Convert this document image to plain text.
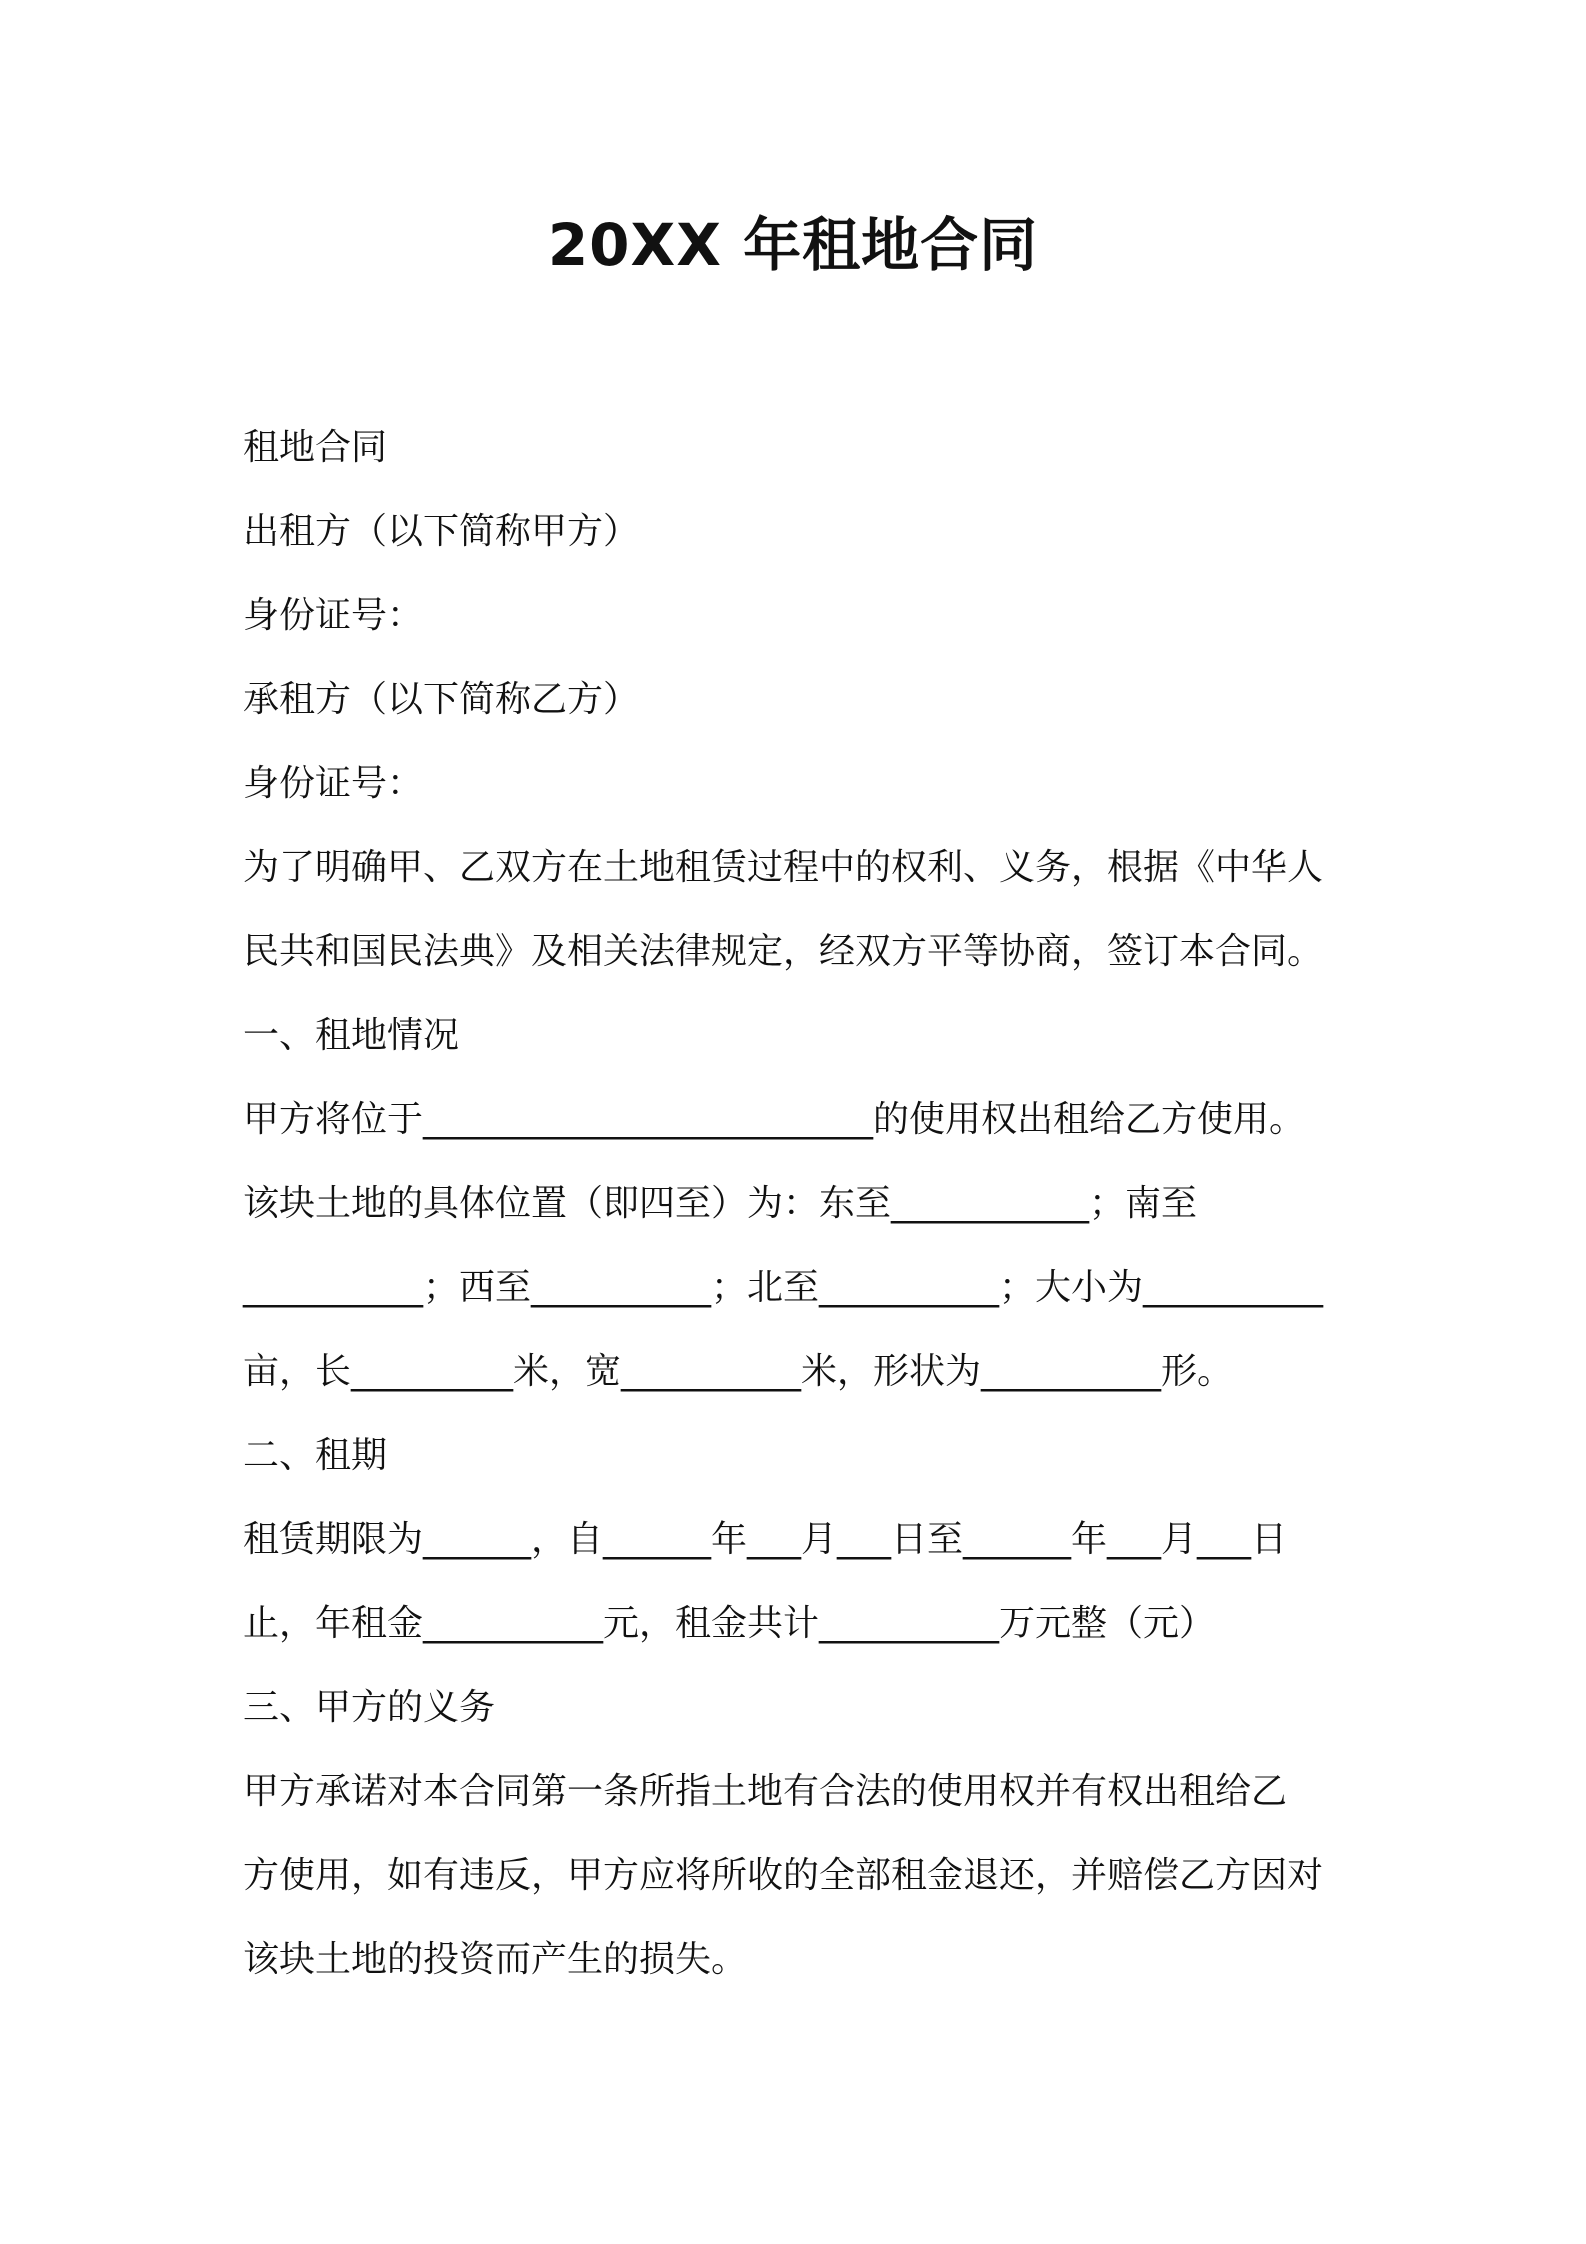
20XX 年租地合同
租地合同
出租方（以下简称甲方）
身份证号：
承租方（以下简称乙方）
身份证号：
为了明确甲、乙双方在土地租赁过程中的权利、义务，根据《中华人
民共和国民法典》及相关法律规定，经双方平等协商，签订本合同。
一、租地情况
甲方将位于_________________________的使用权出租给乙方使用。
该块土地的具体位置（即四至）为：东至___________；南至
__________；西至__________；北至__________；大小为__________
亩，长_________米，宽__________米，形状为__________形。
二、租期
租赁期限为______，自______年___月___日至______年___月___日
止，年租金__________元，租金共计__________万元整（元）
三、甲方的义务
甲方承诺对本合同第一条所指土地有合法的使用权并有权出租给乙
方使用，如有违反，甲方应将所收的全部租金退还，并赔偿乙方因对
该块土地的投资而产生的损失。
